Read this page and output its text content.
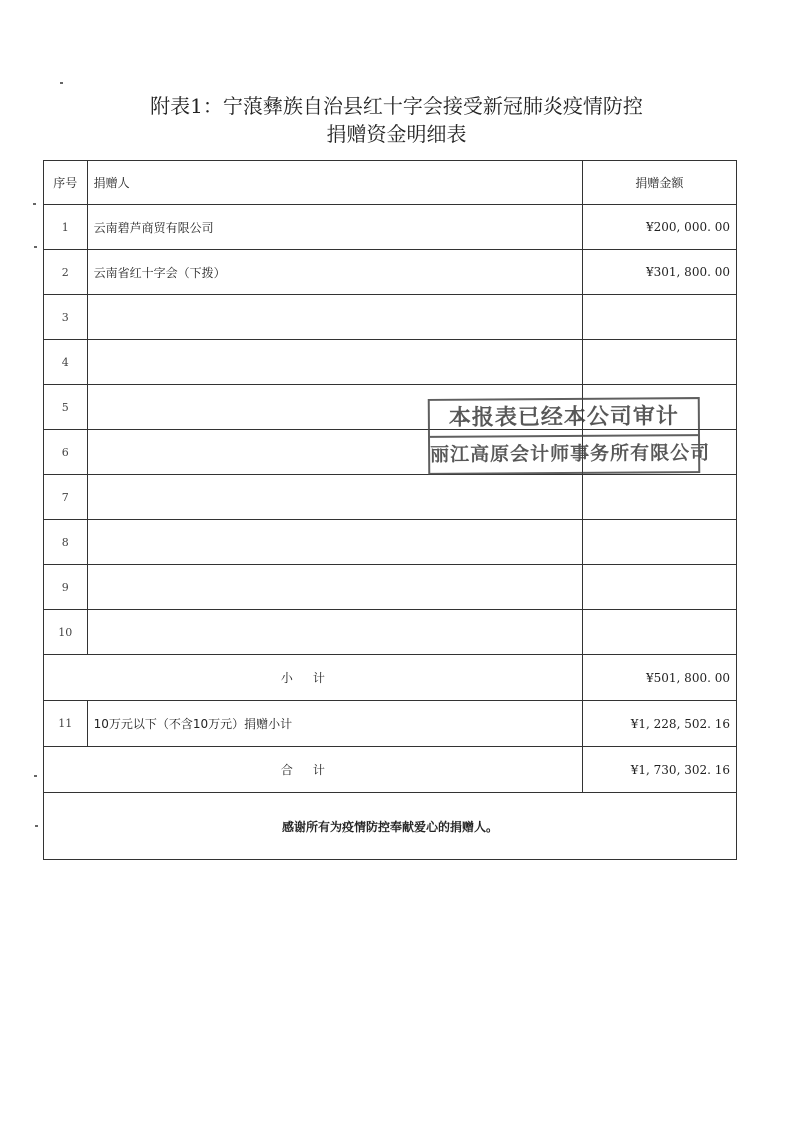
附表1：宁蒗彝族自治县红十字会接受新冠肺炎疫情防控
捐赠资金明细表
序号	捐赠人	捐赠金额
1	云南碧芦商贸有限公司	¥200, 000. 00
2	云南省红十字会（下拨）	¥301, 800. 00
3		
4		
5		
6		
7		
8		
9		
10		
小计		¥501, 800. 00
11	10万元以下（不含10万元）捐赠小计	¥1, 228, 502. 16
合计		¥1, 730, 302. 16
感谢所有为疫情防控奉献爱心的捐赠人。		
本报表已经本公司审计
丽江高原会计师事务所有限公司
